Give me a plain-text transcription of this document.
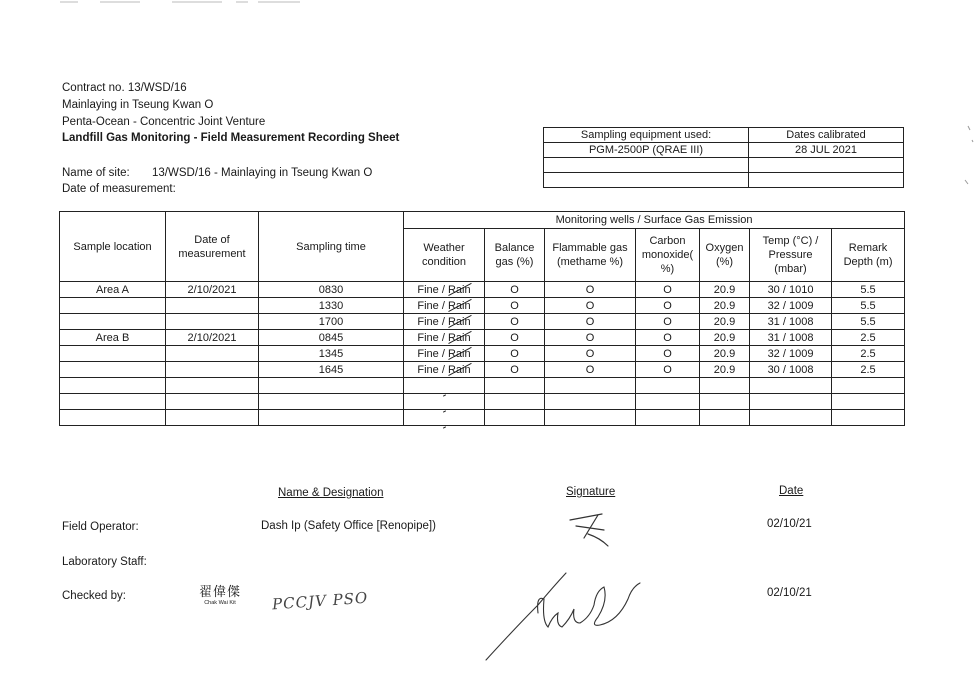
Contract no. 13/WSD/16
Mainlaying in Tseung Kwan O
Penta-Ocean - Concentric Joint Venture
Landfill Gas Monitoring - Field Measurement Recording Sheet
Name of site: 13/WSD/16 - Mainlaying in Tseung Kwan O
Date of measurement:
Sampling equipment used:	Dates calibrated
PGM-2500P (QRAE III)	28 JUL 2021

Sample location	Date of measurement	Sampling time	Monitoring wells / Surface Gas Emission						
			Weather condition	Balance gas (%)	Flammable gas (methame %)	Carbon monoxide( %)	Oxygen (%)	Temp (°C) / Pressure (mbar)	Remark Depth (m)
Area A	2/10/2021	0830	Fine / Rain	O	O	O	20.9	30 / 1010	5.5
		1330	Fine / Rain	O	O	O	20.9	32 / 1009	5.5
		1700	Fine / Rain	O	O	O	20.9	31 / 1008	5.5
Area B	2/10/2021	0845	Fine / Rain	O	O	O	20.9	31 / 1008	2.5
		1345	Fine / Rain	O	O	O	20.9	32 / 1009	2.5
		1645	Fine / Rain	O	O	O	20.9	30 / 1008	2.5

Name & Designation	Signature	Date
Field Operator:	Dash Ip (Safety Office [Renopipe])	02/10/21
Laboratory Staff:
Checked by:	02/10/21
翟偉傑
Chak Wai Kit	PCCJV PSO
